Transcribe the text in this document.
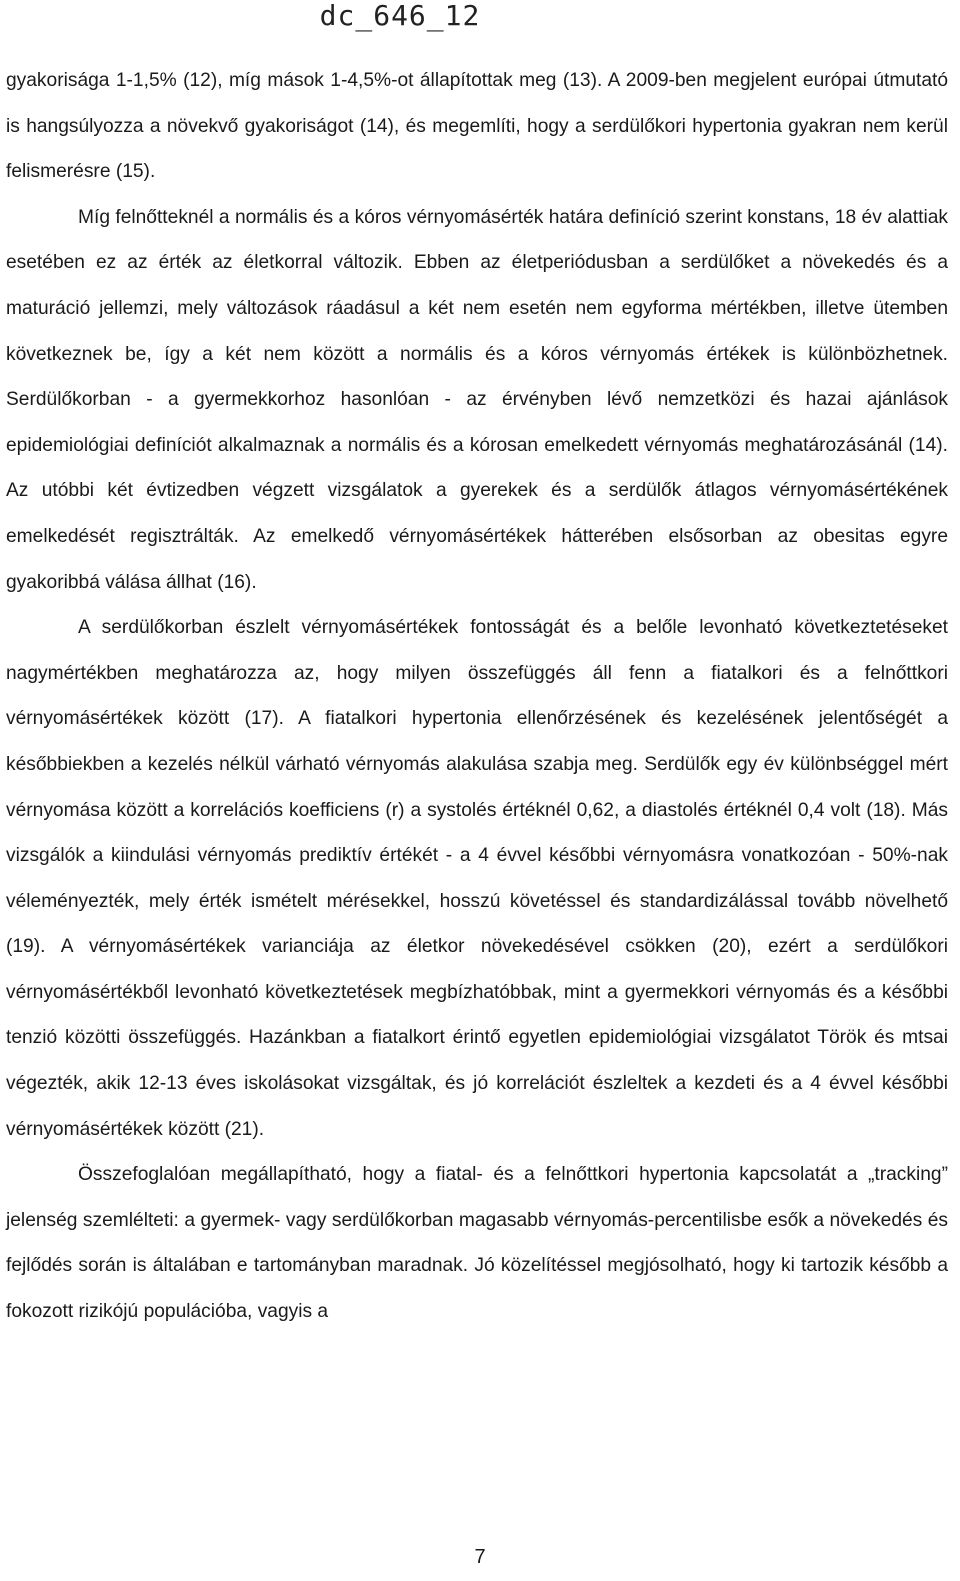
dc_646_12

gyakorisága 1-1,5% (12), míg mások 1-4,5%-ot állapítottak meg (13). A 2009-ben megjelent európai útmutató is hangsúlyozza a növekvő gyakoriságot (14), és megemlíti, hogy a serdülőkori hypertonia gyakran nem kerül felismerésre (15).

Míg felnőtteknél a normális és a kóros vérnyomásérték határa definíció szerint konstans, 18 év alattiak esetében ez az érték az életkorral változik. Ebben az életperiódusban a serdülőket a növekedés és a maturáció jellemzi, mely változások ráadásul a két nem esetén nem egyforma mértékben, illetve ütemben következnek be, így a két nem között a normális és a kóros vérnyomás értékek is különbözhetnek. Serdülőkorban - a gyermekkorhoz hasonlóan - az érvényben lévő nemzetközi és hazai ajánlások epidemiológiai definíciót alkalmaznak a normális és a kórosan emelkedett vérnyomás meghatározásánál (14). Az utóbbi két évtizedben végzett vizsgálatok a gyerekek és a serdülők átlagos vérnyomásértékének emelkedését regisztrálták. Az emelkedő vérnyomásértékek hátterében elsősorban az obesitas egyre gyakoribbá válása állhat (16).

A serdülőkorban észlelt vérnyomásértékek fontosságát és a belőle levonható következtetéseket nagymértékben meghatározza az, hogy milyen összefüggés áll fenn a fiatalkori és a felnőttkori vérnyomásértékek között (17). A fiatalkori hypertonia ellenőrzésének és kezelésének jelentőségét a későbbiekben a kezelés nélkül várható vérnyomás alakulása szabja meg. Serdülők egy év különbséggel mért vérnyomása között a korrelációs koefficiens (r) a systolés értéknél 0,62, a diastolés értéknél 0,4 volt (18). Más vizsgálók a kiindulási vérnyomás prediktív értékét - a 4 évvel későbbi vérnyomásra vonatkozóan - 50%-nak véleményezték, mely érték ismételt mérésekkel, hosszú követéssel és standardizálással tovább növelhető (19). A vérnyomásértékek varianciája az életkor növekedésével csökken (20), ezért a serdülőkori vérnyomásértékből levonható következtetések megbízhatóbbak, mint a gyermekkori vérnyomás és a későbbi tenzió közötti összefüggés. Hazánkban a fiatalkort érintő egyetlen epidemiológiai vizsgálatot Török és mtsai végezték, akik 12-13 éves iskolásokat vizsgáltak, és jó korrelációt észleltek a kezdeti és a 4 évvel későbbi vérnyomásértékek között (21).

Összefoglalóan megállapítható, hogy a fiatal- és a felnőttkori hypertonia kapcsolatát a „tracking” jelenség szemlélteti: a gyermek- vagy serdülőkorban magasabb vérnyomás-percentilisbe esők a növekedés és fejlődés során is általában e tartományban maradnak. Jó közelítéssel megjósolható, hogy ki tartozik később a fokozott rizikójú populációba, vagyis a

7
